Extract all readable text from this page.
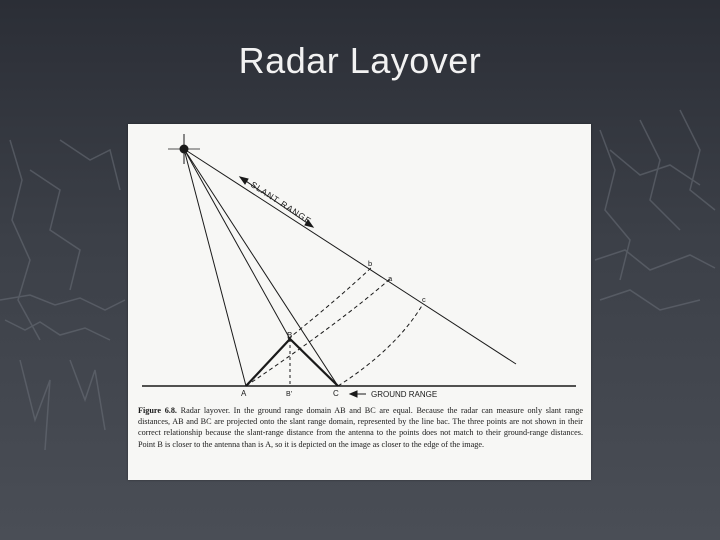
Radar Layover
SLANT RANGE
A
B
C
B'
b
a
c
GROUND RANGE
Figure 6.8. Radar layover. In the ground range domain AB and BC are equal. Because the radar can measure only slant range distances, AB and BC are projected onto the slant range domain, represented by the line bac. The three points are not shown in their correct relationship because the slant-range distance from the antenna to the points does not match to their ground-range distances. Point B is closer to the antenna than is A, so it is depicted on the image as closer to the edge of the image.
